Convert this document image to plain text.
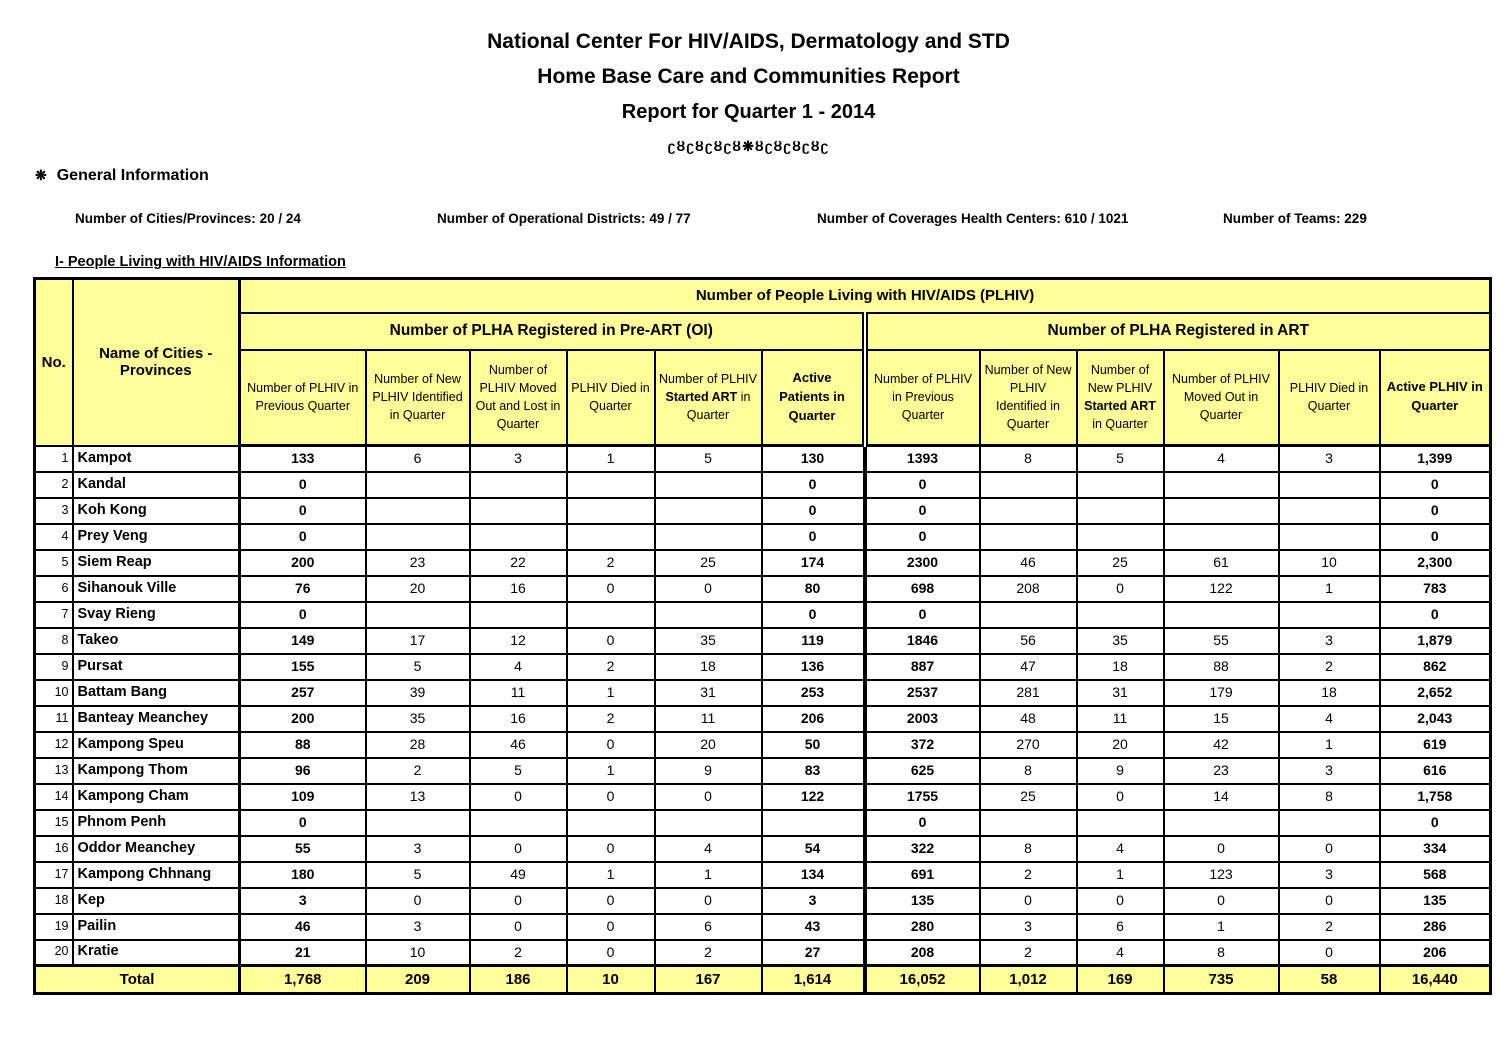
National Center For HIV/AIDS, Dermatology and STD
Home Base Care and Communities Report
Report for Quarter 1 - 2014
ʗȣʗȣʗȣʗȣ❋ȣʗȣʗȣʗȣʗ
❋ General Information
Number of Cities/Provinces: 20 / 24	Number of Operational Districts: 49 / 77	Number of Coverages Health Centers: 610 / 1021	Number of Teams: 229
I- People Living with HIV/AIDS Information
No.	Name of Cities - Provinces	Number of People Living with HIV/AIDS (PLHIV)											
		Number of PLHA Registered in Pre-ART (OI)						Number of PLHA Registered in ART					
		Number of PLHIV in Previous Quarter	Number of New PLHIV Identified in Quarter	Number of PLHIV Moved Out and Lost in Quarter	PLHIV Died in Quarter	Number of PLHIV Started ART in Quarter	Active Patients in Quarter	Number of PLHIV in Previous Quarter	Number of New PLHIV Identified in Quarter	Number of New PLHIV Started ART in Quarter	Number of PLHIV Moved Out in Quarter	PLHIV Died in Quarter	Active PLHIV in Quarter
1	Kampot	133	6	3	1	5	130	1393	8	5	4	3	1,399
2	Kandal	0					0	0					0
3	Koh Kong	0					0	0					0
4	Prey Veng	0					0	0					0
5	Siem Reap	200	23	22	2	25	174	2300	46	25	61	10	2,300
6	Sihanouk Ville	76	20	16	0	0	80	698	208	0	122	1	783
7	Svay Rieng	0					0	0					0
8	Takeo	149	17	12	0	35	119	1846	56	35	55	3	1,879
9	Pursat	155	5	4	2	18	136	887	47	18	88	2	862
10	Battam Bang	257	39	11	1	31	253	2537	281	31	179	18	2,652
11	Banteay Meanchey	200	35	16	2	11	206	2003	48	11	15	4	2,043
12	Kampong Speu	88	28	46	0	20	50	372	270	20	42	1	619
13	Kampong Thom	96	2	5	1	9	83	625	8	9	23	3	616
14	Kampong Cham	109	13	0	0	0	122	1755	25	0	14	8	1,758
15	Phnom Penh	0						0					0
16	Oddor Meanchey	55	3	0	0	4	54	322	8	4	0	0	334
17	Kampong Chhnang	180	5	49	1	1	134	691	2	1	123	3	568
18	Kep	3	0	0	0	0	3	135	0	0	0	0	135
19	Pailin	46	3	0	0	6	43	280	3	6	1	2	286
20	Kratie	21	10	2	0	2	27	208	2	4	8	0	206
Total		1,768	209	186	10	167	1,614	16,052	1,012	169	735	58	16,440
